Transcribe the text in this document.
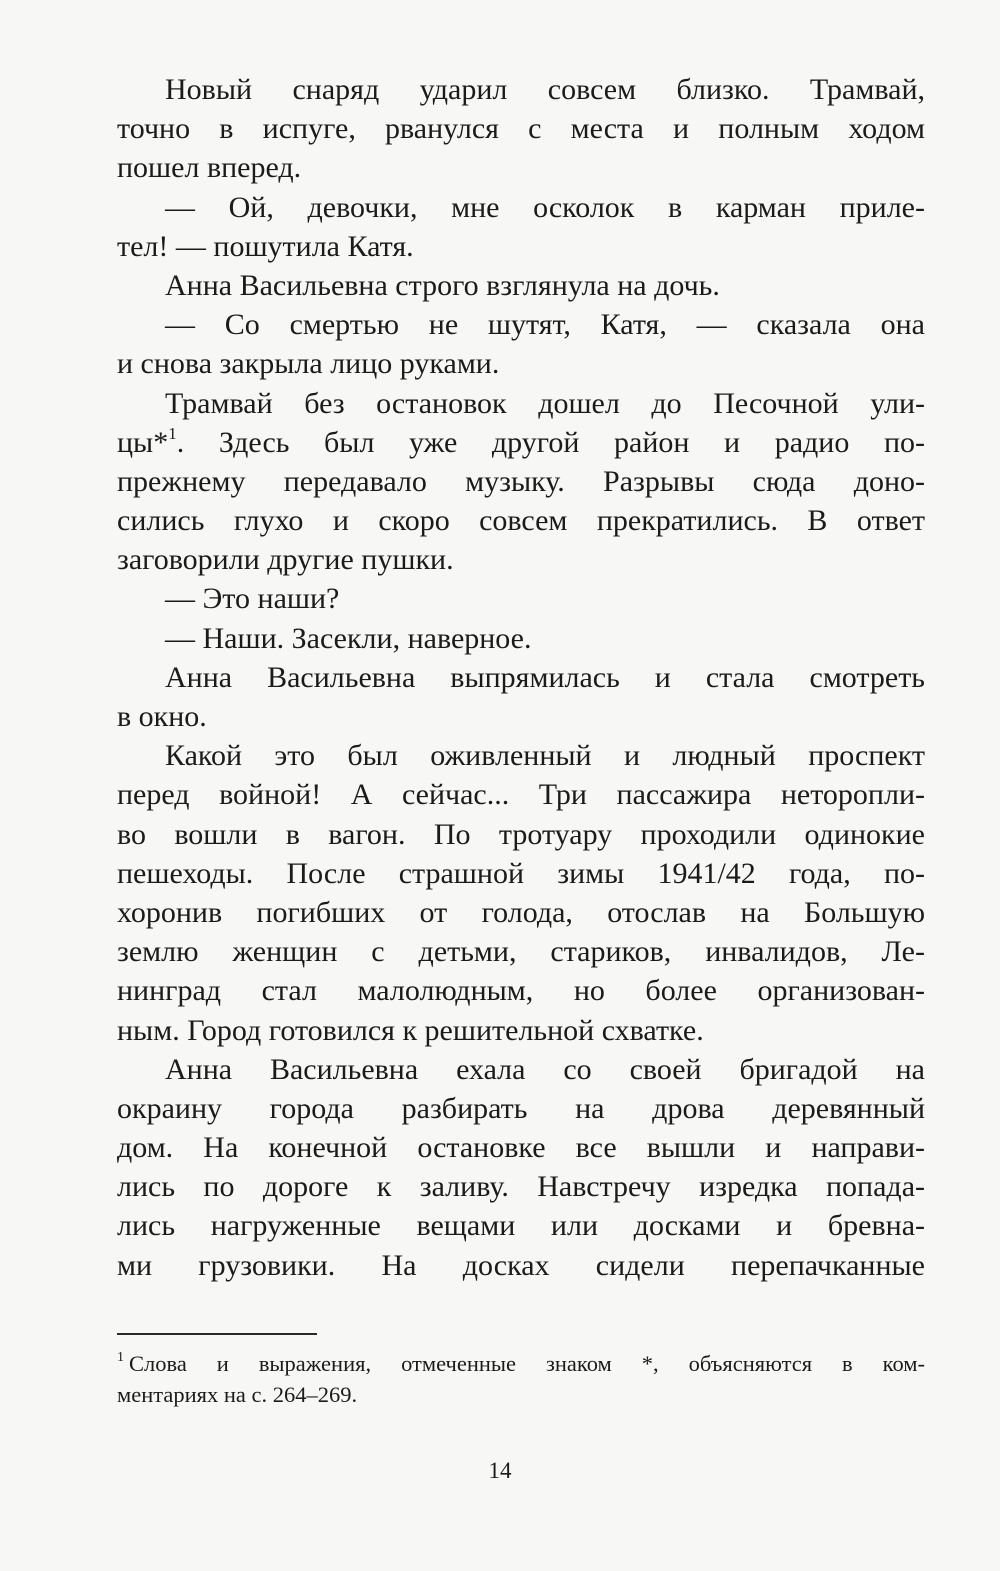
Новый снаряд ударил совсем близко. Трамвай,
точно в испуге, рванулся с места и полным ходом
пошел вперед.
— Ой, девочки, мне осколок в карман приле-
тел! — пошутила Катя.
Анна Васильевна строго взглянула на дочь.
— Со смертью не шутят, Катя, — сказала она
и снова закрыла лицо руками.
Трамвай без остановок дошел до Песочной ули-
цы*$^1$. Здесь был уже другой район и радио по-
прежнему передавало музыку. Разрывы сюда доно-
сились глухо и скоро совсем прекратились. В ответ
заговорили другие пушки.
— Это наши?
— Наши. Засекли, наверное.
Анна Васильевна выпрямилась и стала смотреть
в окно.
Какой это был оживленный и людный проспект
перед войной! А сейчас... Три пассажира неторопли-
во вошли в вагон. По тротуару проходили одинокие
пешеходы. После страшной зимы 1941/42 года, по-
хоронив погибших от голода, отослав на Большую
землю женщин с детьми, стариков, инвалидов, Ле-
нинград стал малолюдным, но более организован-
ным. Город готовился к решительной схватке.
Анна Васильевна ехала со своей бригадой на
окраину города разбирать на дрова деревянный
дом. На конечной остановке все вышли и направи-
лись по дороге к заливу. Навстречу изредка попада-
лись нагруженные вещами или досками и бревна-
ми грузовики. На досках сидели перепачканные
$^1$ Слова и выражения, отмеченные знаком *, объясняются в ком-
ментариях на с. 264–269.
14
